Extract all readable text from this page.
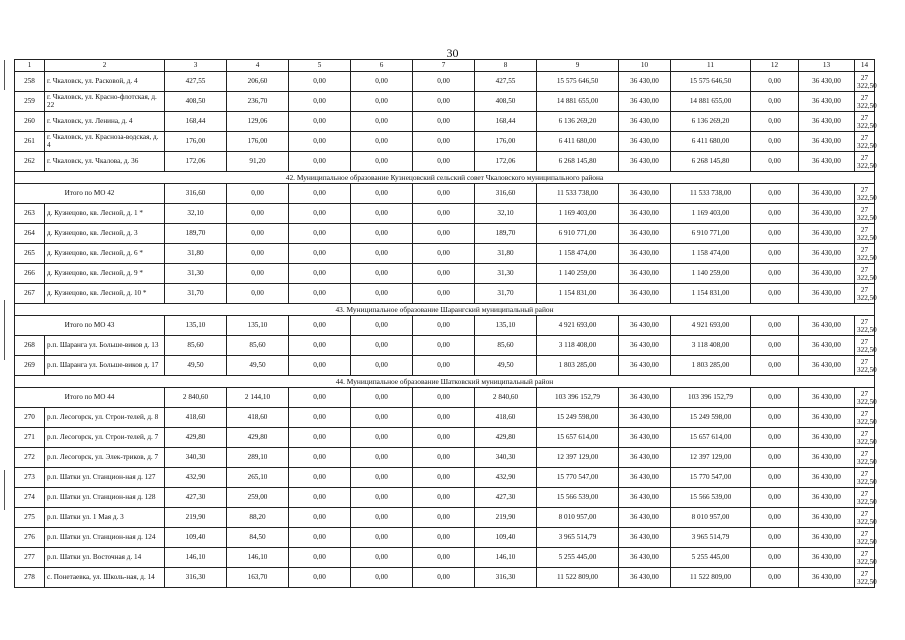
30
1	2	3	4	5	6	7	8	9	10	11	12	13	14
258	г. Чкаловск, ул. Расковой, д. 4	427,55	206,60	0,00	0,00	0,00	427,55	15 575 646,50	36 430,00	15 575 646,50	0,00	36 430,00	27
322,50

259	г. Чкаловск, ул. Красно-флотская, д. 22	408,50	236,70	0,00	0,00	0,00	408,50	14 881 655,00	36 430,00	14 881 655,00	0,00	36 430,00	27
322,50

260	г. Чкаловск, ул. Ленина, д. 4	168,44	129,06	0,00	0,00	0,00	168,44	6 136 269,20	36 430,00	6 136 269,20	0,00	36 430,00	27
322,50

261	г. Чкаловск, ул. Красноза-водская, д. 4	176,00	176,00	0,00	0,00	0,00	176,00	6 411 680,00	36 430,00	6 411 680,00	0,00	36 430,00	27
322,50

262	г. Чкаловск, ул. Чкалова, д. 36	172,06	91,20	0,00	0,00	0,00	172,06	6 268 145,80	36 430,00	6 268 145,80	0,00	36 430,00	27
322,50

42. Муниципальное образование Кузнецовский сельский совет Чкаловского муниципального района													
Итого по МО 42		316,60	0,00	0,00	0,00	0,00	316,60	11 533 738,00	36 430,00	11 533 738,00	0,00	36 430,00	27
322,50

263	д. Кузнецово, кв. Лесной, д. 1 *	32,10	0,00	0,00	0,00	0,00	32,10	1 169 403,00	36 430,00	1 169 403,00	0,00	36 430,00	27
322,50

264	д. Кузнецово, кв. Лесной, д. 3	189,70	0,00	0,00	0,00	0,00	189,70	6 910 771,00	36 430,00	6 910 771,00	0,00	36 430,00	27
322,50

265	д. Кузнецово, кв. Лесной, д. 6 *	31,80	0,00	0,00	0,00	0,00	31,80	1 158 474,00	36 430,00	1 158 474,00	0,00	36 430,00	27
322,50

266	д. Кузнецово, кв. Лесной, д. 9 *	31,30	0,00	0,00	0,00	0,00	31,30	1 140 259,00	36 430,00	1 140 259,00	0,00	36 430,00	27
322,50

267	д. Кузнецово, кв. Лесной, д. 10 *	31,70	0,00	0,00	0,00	0,00	31,70	1 154 831,00	36 430,00	1 154 831,00	0,00	36 430,00	27
322,50

43. Муниципальное образование Шарангский муниципальный район													
Итого по МО 43		135,10	135,10	0,00	0,00	0,00	135,10	4 921 693,00	36 430,00	4 921 693,00	0,00	36 430,00	27
322,50

268	р.п. Шаранга ул. Больше-виков д. 13	85,60	85,60	0,00	0,00	0,00	85,60	3 118 408,00	36 430,00	3 118 408,00	0,00	36 430,00	27
322,50

269	р.п. Шаранга ул. Больше-виков д. 17	49,50	49,50	0,00	0,00	0,00	49,50	1 803 285,00	36 430,00	1 803 285,00	0,00	36 430,00	27
322,50

44. Муниципальное образование Шатковский муниципальный район													
Итого по МО 44		2 840,60	2 144,10	0,00	0,00	0,00	2 840,60	103 396 152,79	36 430,00	103 396 152,79	0,00	36 430,00	27
322,50

270	р.п. Лесогорск, ул. Строи-телей, д. 8	418,60	418,60	0,00	0,00	0,00	418,60	15 249 598,00	36 430,00	15 249 598,00	0,00	36 430,00	27
322,50

271	р.п. Лесогорск, ул. Строи-телей, д. 7	429,80	429,80	0,00	0,00	0,00	429,80	15 657 614,00	36 430,00	15 657 614,00	0,00	36 430,00	27
322,50

272	р.п. Лесогорск, ул. Элек-триков, д. 7	340,30	289,10	0,00	0,00	0,00	340,30	12 397 129,00	36 430,00	12 397 129,00	0,00	36 430,00	27
322,50

273	р.п. Шатки ул. Станцион-ная д. 127	432,90	265,10	0,00	0,00	0,00	432,90	15 770 547,00	36 430,00	15 770 547,00	0,00	36 430,00	27
322,50

274	р.п. Шатки ул. Станцион-ная д. 128	427,30	259,00	0,00	0,00	0,00	427,30	15 566 539,00	36 430,00	15 566 539,00	0,00	36 430,00	27
322,50

275	р.п. Шатки ул. 1 Мая д. 3	219,90	88,20	0,00	0,00	0,00	219,90	8 010 957,00	36 430,00	8 010 957,00	0,00	36 430,00	27
322,50

276	р.п. Шатки ул. Станцион-ная д. 124	109,40	84,50	0,00	0,00	0,00	109,40	3 965 514,79	36 430,00	3 965 514,79	0,00	36 430,00	27
322,50

277	р.п. Шатки ул. Восточная д. 14	146,10	146,10	0,00	0,00	0,00	146,10	5 255 445,00	36 430,00	5 255 445,00	0,00	36 430,00	27
322,50

278	с. Понетаевка, ул. Школь-ная, д. 14	316,30	163,70	0,00	0,00	0,00	316,30	11 522 809,00	36 430,00	11 522 809,00	0,00	36 430,00	27
322,50
